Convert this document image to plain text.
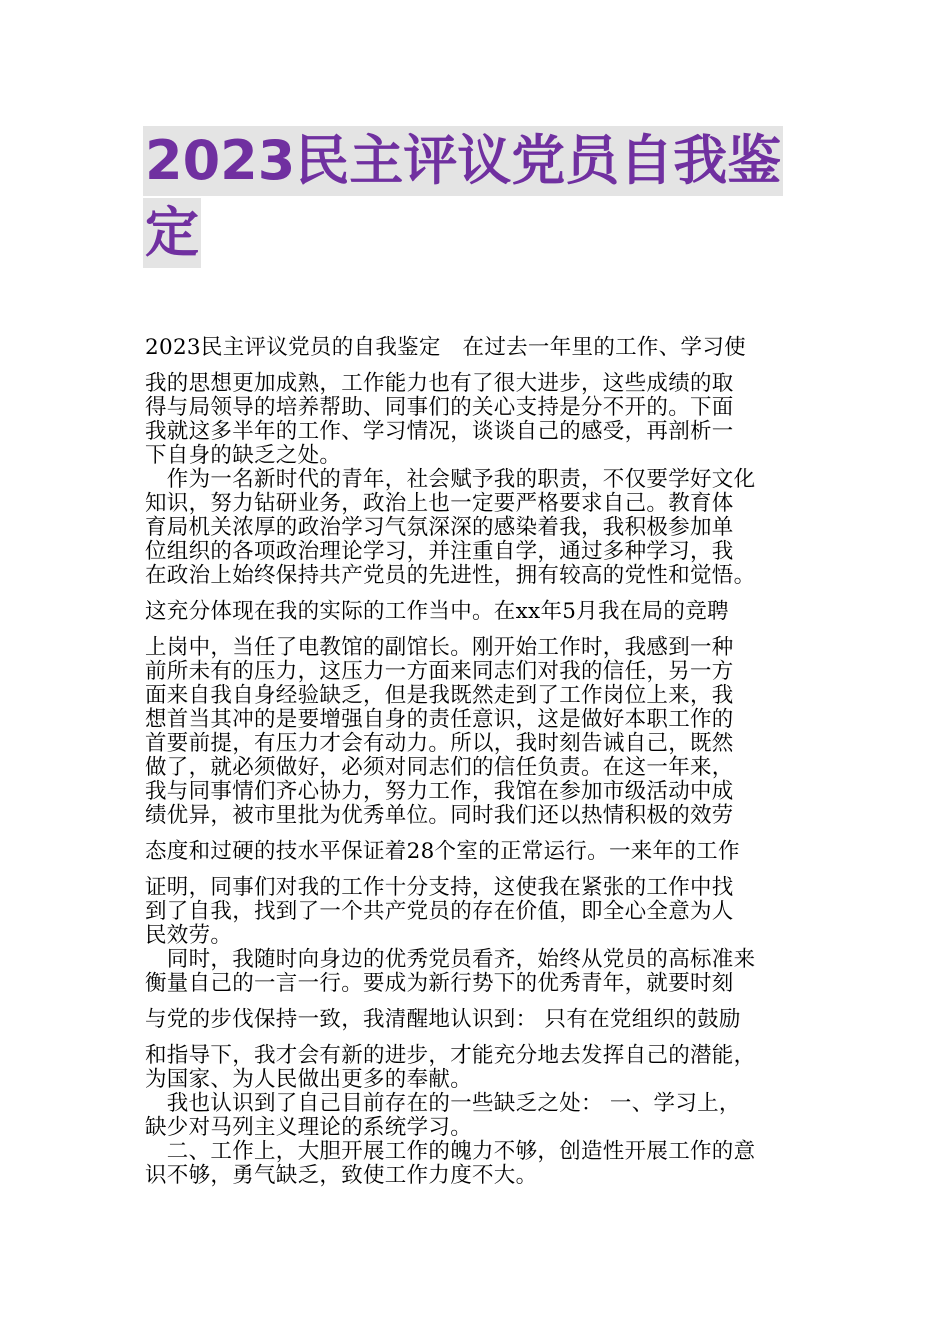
2023民主评议党员自我鉴
定
2023民主评议党员的自我鉴定　在过去一年里的工作、学习使
我的思想更加成熟，工作能力也有了很大进步，这些成绩的取
得与局领导的培养帮助、同事们的关心支持是分不开的。下面
我就这多半年的工作、学习情况，谈谈自己的感受，再剖析一
下自身的缺乏之处。
　作为一名新时代的青年，社会赋予我的职责，不仅要学好文化
知识，努力钻研业务，政治上也一定要严格要求自己。教育体
育局机关浓厚的政治学习气氛深深的感染着我，我积极参加单
位组织的各项政治理论学习，并注重自学，通过多种学习，我
在政治上始终保持共产党员的先进性，拥有较高的党性和觉悟。
这充分体现在我的实际的工作当中。在xx年5月我在局的竞聘
上岗中，当任了电教馆的副馆长。刚开始工作时，我感到一种
前所未有的压力，这压力一方面来同志们对我的信任，另一方
面来自我自身经验缺乏，但是我既然走到了工作岗位上来，我
想首当其冲的是要增强自身的责任意识，这是做好本职工作的
首要前提，有压力才会有动力。所以，我时刻告诫自己，既然
做了，就必须做好，必须对同志们的信任负责。在这一年来，
我与同事情们齐心协力，努力工作，我馆在参加市级活动中成
绩优异，被市里批为优秀单位。同时我们还以热情积极的效劳
态度和过硬的技水平保证着28个室的正常运行。一来年的工作
证明，同事们对我的工作十分支持，这使我在紧张的工作中找
到了自我，找到了一个共产党员的存在价值，即全心全意为人
民效劳。
　同时，我随时向身边的优秀党员看齐，始终从党员的高标准来
衡量自己的一言一行。要成为新行势下的优秀青年，就要时刻
与党的步伐保持一致，我清醒地认识到： 只有在党组织的鼓励
和指导下，我才会有新的进步，才能充分地去发挥自己的潜能，
为国家、为人民做出更多的奉献。
　我也认识到了自己目前存在的一些缺乏之处： 一、学习上，
缺少对马列主义理论的系统学习。
　二、工作上，大胆开展工作的魄力不够，创造性开展工作的意
识不够，勇气缺乏，致使工作力度不大。
